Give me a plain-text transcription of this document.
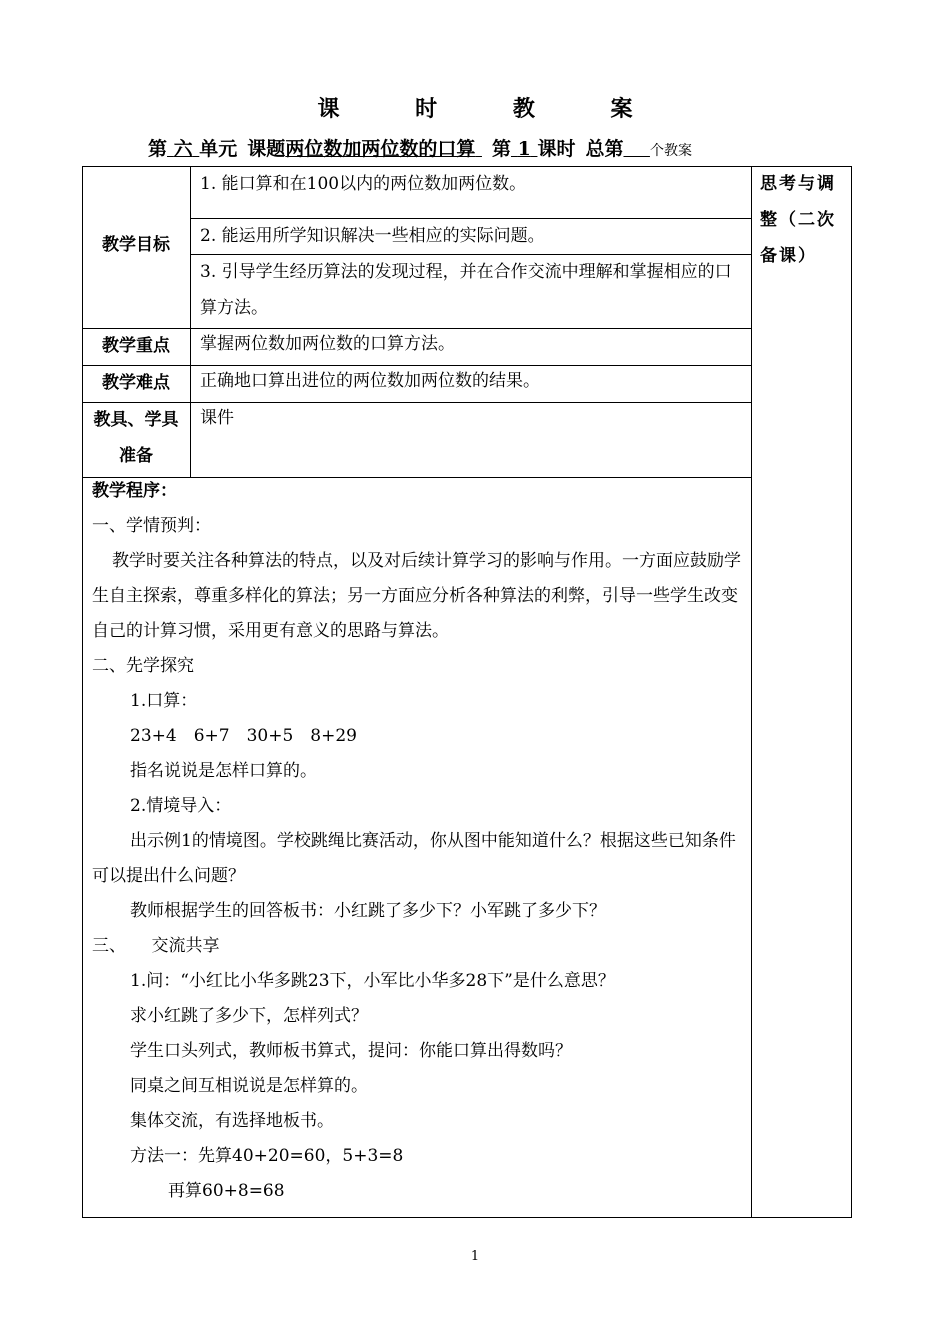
课 时 教 案
第 六 单元 课题两位数加两位数的口算 第 1 课时 总第 个教案
教学目标
教学重点
教学难点
教具、学具
准备
1. 能口算和在100以内的两位数加两位数。
2. 能运用所学知识解决一些相应的实际问题。
3. 引导学生经历算法的发现过程，并在合作交流中理解和掌握相应的口算方法。
掌握两位数加两位数的口算方法。
正确地口算出进位的两位数加两位数的结果。
课件
思考与调整（二次备课）

教学程序：

一、学情预判：

教学时要关注各种算法的特点，以及对后续计算学习的影响与作用。一方面应鼓励学生自主探索，尊重多样化的算法；另一方面应分析各种算法的利弊，引导一些学生改变自己的计算习惯，采用更有意义的思路与算法。

二、先学探究

1.口算：

23+4　6+7　30+5　8+29

指名说说是怎样口算的。

2.情境导入：

出示例1的情境图。学校跳绳比赛活动，你从图中能知道什么？根据这些已知条件可以提出什么问题？

教师根据学生的回答板书：小红跳了多少下？小军跳了多少下？

三、　　交流共享

1.问：“小红比小华多跳23下，小军比小华多28下”是什么意思？

求小红跳了多少下，怎样列式？

学生口头列式，教师板书算式，提问：你能口算出得数吗？

同桌之间互相说说是怎样算的。

集体交流，有选择地板书。

方法一：先算40+20=60，5+3=8

再算60+8=68

1
